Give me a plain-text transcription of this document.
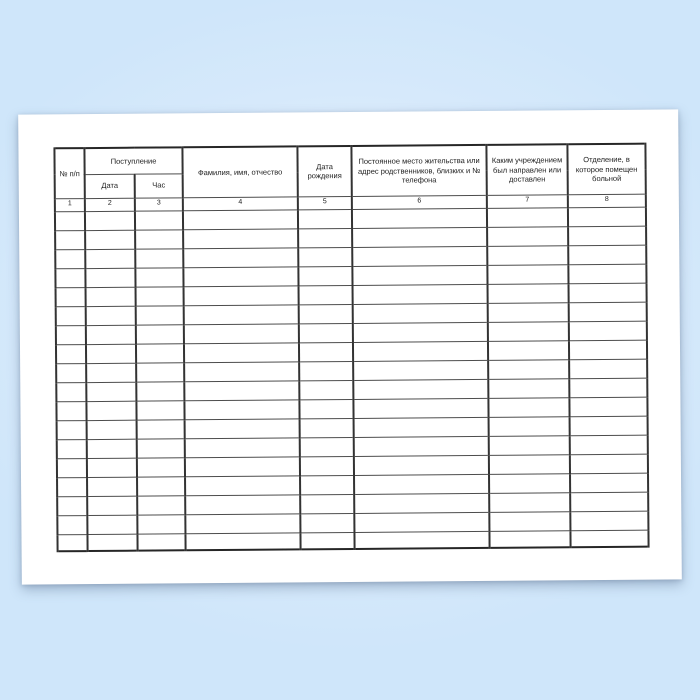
№ п/п	Поступление		Фамилия, имя, отчество	Дата рождения	Постоянное место жительства или адрес родственников, близких и № телефона	Каким учреждением был направлен или доставлен	Отделение, в которое помещен больной
	Дата	Час					
1	2	3	4	5	6	7	8
